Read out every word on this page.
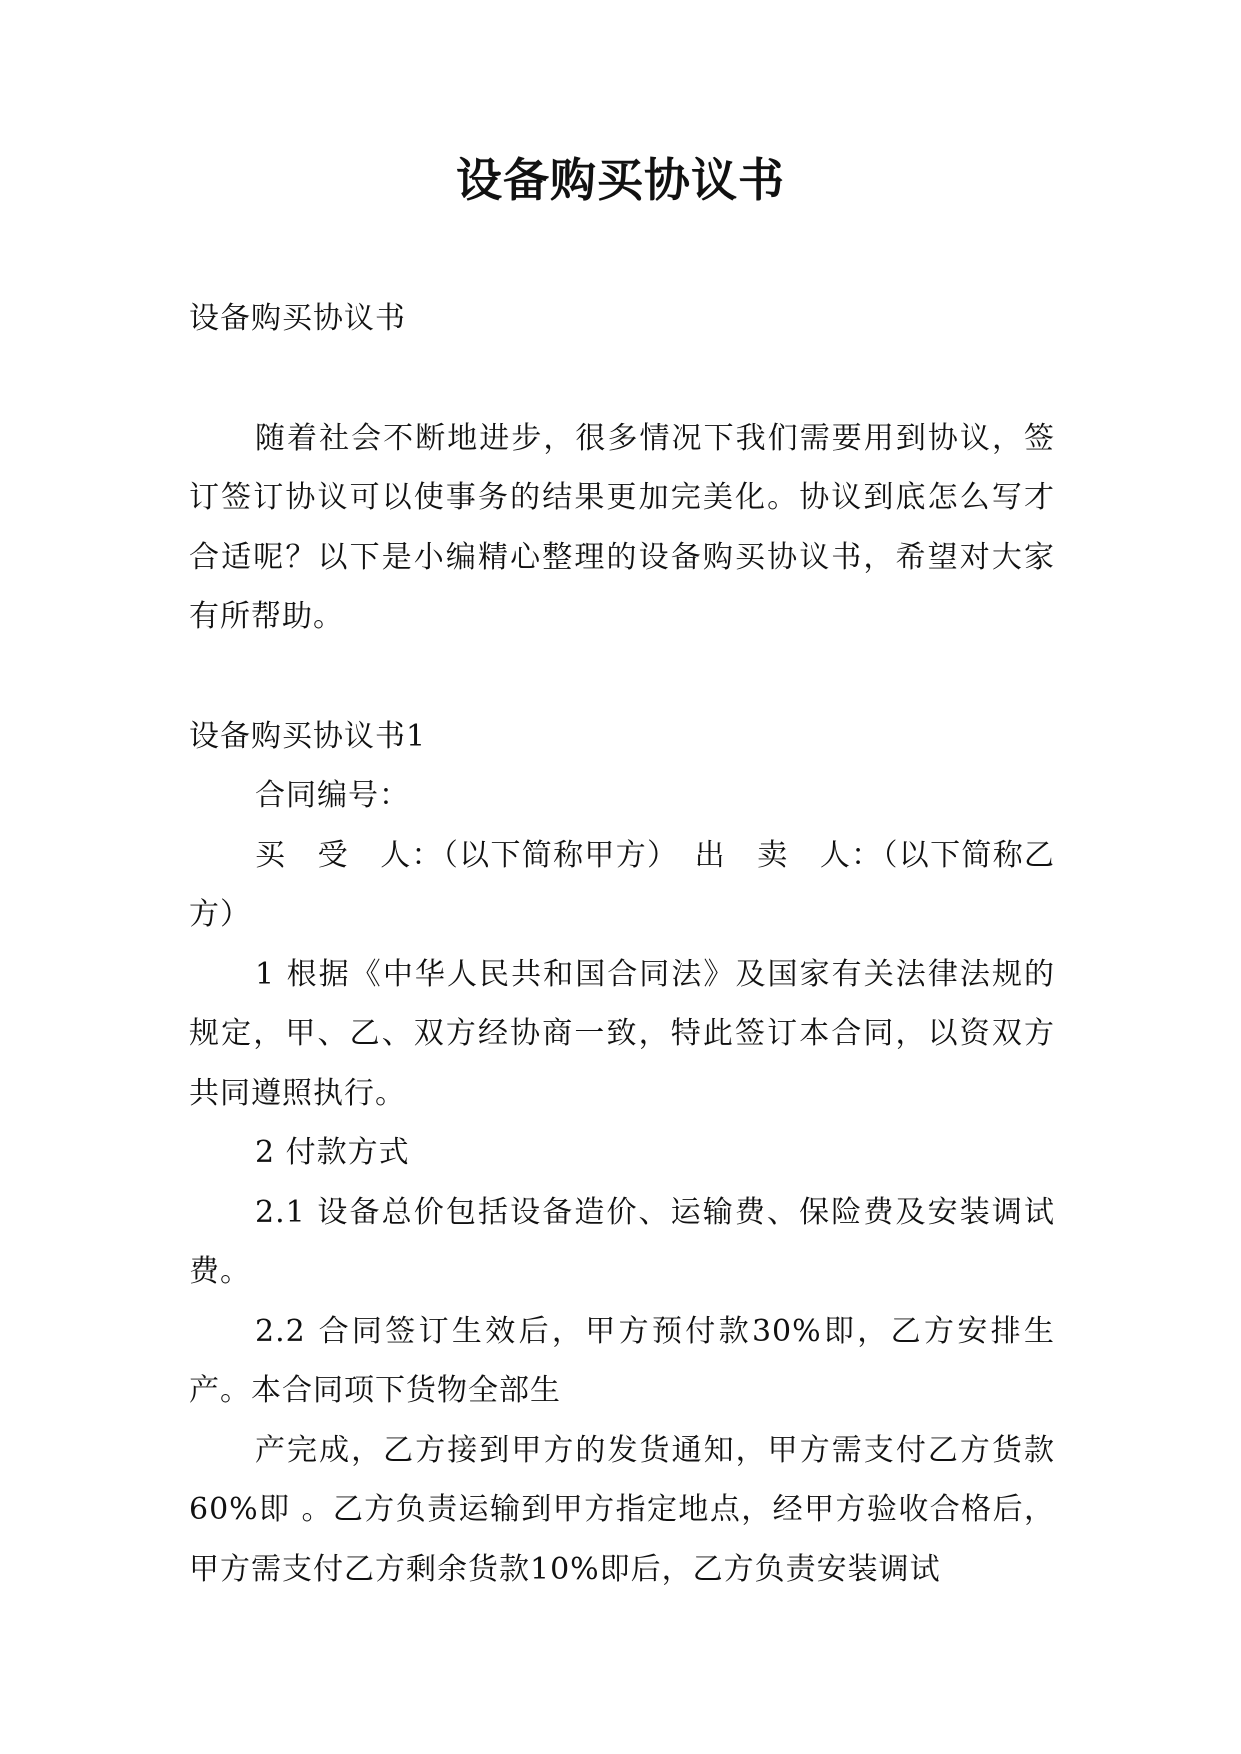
设备购买协议书

设备购买协议书

随着社会不断地进步，很多情况下我们需要用到协议，签订签订协议可以使事务的结果更加完美化。协议到底怎么写才合适呢？以下是小编精心整理的设备购买协议书，希望对大家有所帮助。

设备购买协议书1

合同编号：

买　受　人：（以下简称甲方）　出　卖　人：（以下简称乙方）

1 根据《中华人民共和国合同法》及国家有关法律法规的规定，甲、乙、双方经协商一致，特此签订本合同，以资双方共同遵照执行。

2 付款方式

2.1 设备总价包括设备造价、运输费、保险费及安装调试费。

2.2 合同签订生效后，甲方预付款30%即，乙方安排生产。本合同项下货物全部生

产完成，乙方接到甲方的发货通知，甲方需支付乙方货款60%即 。乙方负责运输到甲方指定地点，经甲方验收合格后，甲方需支付乙方剩余货款10%即后，乙方负责安装调试
